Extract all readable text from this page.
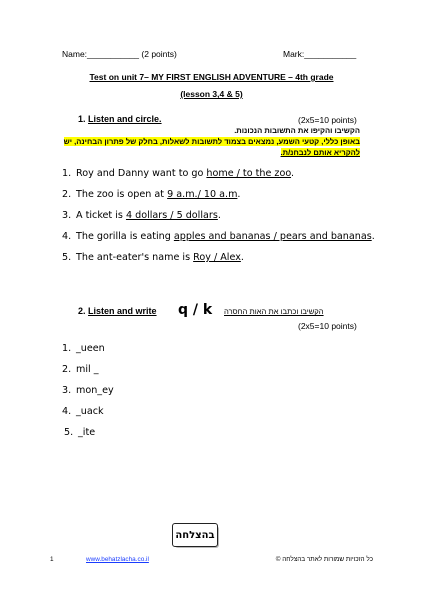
Name:___________ (2 points)	Mark:___________
Test on unit 7– MY FIRST ENGLISH ADVENTURE – 4th grade
(lesson 3,4 & 5)
1. Listen and circle.	(2x5=10 points)
הקשיבו והקיפו את התשובות הנכונות.
באופן כללי, קטעי השמע, נמצאים בצמוד לתשובות לשאלות, בחלק של פתרון הבחינה, יש
להקריא אותם לנבחנ/ת.
1. Roy and Danny want to go home / to the zoo.
2. The zoo is open at 9 a.m./ 10 a.m.
3. A ticket is 4 dollars / 5 dollars.
4. The gorilla is eating apples and bananas / pears and bananas.
5. The ant-eater's name is Roy / Alex.
2. Listen and write q / k הקשיבו וכתבו את האות החסרה
(2x5=10 points)
1. _ueen
2. mil _
3. mon_ey
4. _uack
5. _ite
בהצלחה
1	www.behatzlacha.co.il	כל הזכויות שמורות לאתר בהצלחה ©
